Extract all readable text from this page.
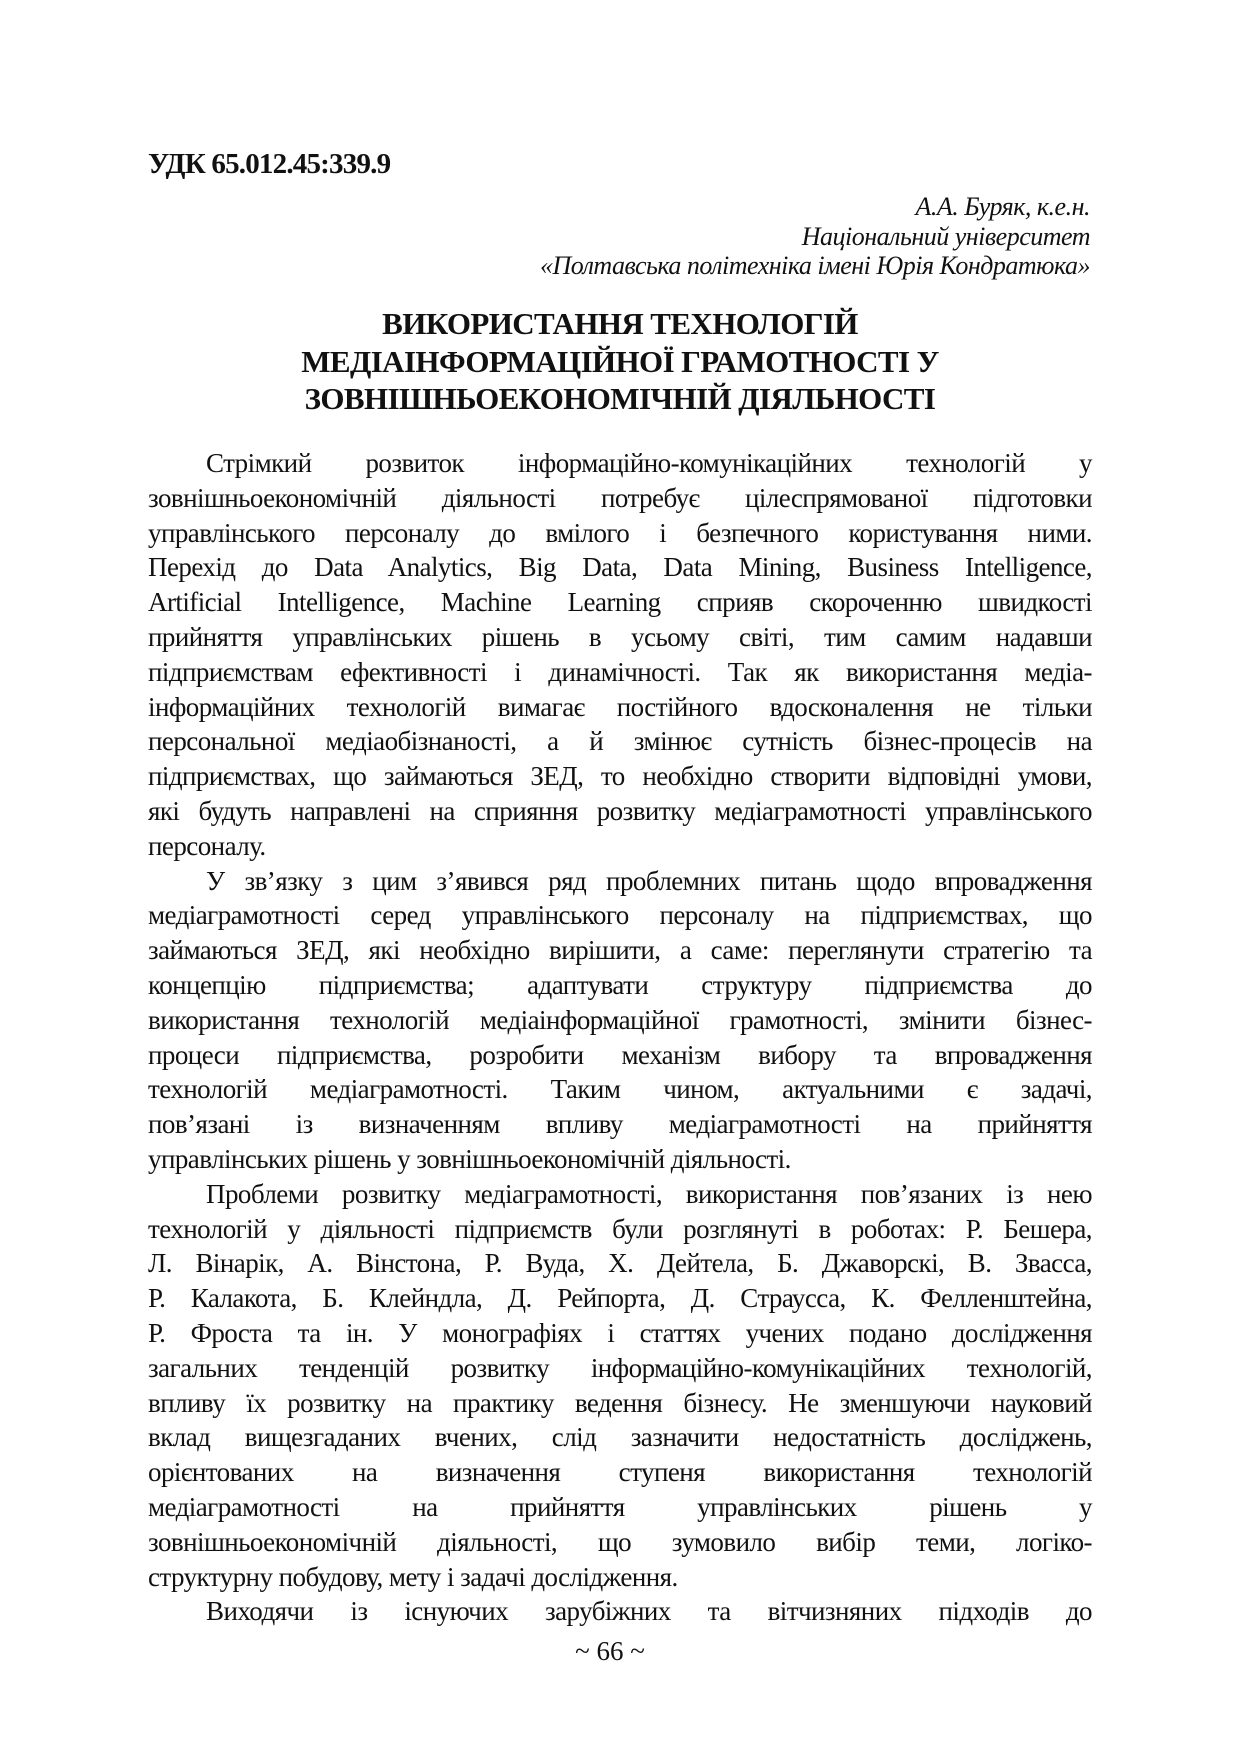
УДК 65.012.45:339.9
А.А. Буряк, к.е.н.
Національний університет
«Полтавська політехніка імені Юрія Кондратюка»
ВИКОРИСТАННЯ ТЕХНОЛОГІЙ
МЕДІАІНФОРМАЦІЙНОЇ ГРАМОТНОСТІ У
ЗОВНІШНЬОЕКОНОМІЧНІЙ ДІЯЛЬНОСТІ
Стрімкий розвиток інформаційно-комунікаційних технологій у
зовнішньоекономічній діяльності потребує цілеспрямованої підготовки
управлінського персоналу до вмілого і безпечного користування ними.
Перехід до Data Analytics, Big Data, Data Mining, Business Intelligence,
Artificial Intelligence, Machine Learning сприяв скороченню швидкості
прийняття управлінських рішень в усьому світі, тим самим надавши
підприємствам ефективності і динамічності. Так як використання медіа-
інформаційних технологій вимагає постійного вдосконалення не тільки
персональної медіаобізнаності, а й змінює сутність бізнес-процесів на
підприємствах, що займаються ЗЕД, то необхідно створити відповідні умови,
які будуть направлені на сприяння розвитку медіаграмотності управлінського
персоналу.
У зв’язку з цим з’явився ряд проблемних питань щодо впровадження
медіаграмотності серед управлінського персоналу на підприємствах, що
займаються ЗЕД, які необхідно вирішити, а саме: переглянути стратегію та
концепцію підприємства; адаптувати структуру підприємства до
використання технологій медіаінформаційної грамотності, змінити бізнес-
процеси підприємства, розробити механізм вибору та впровадження
технологій медіаграмотності. Таким чином, актуальними є задачі,
пов’язані із визначенням впливу медіаграмотності на прийняття
управлінських рішень у зовнішньоекономічній діяльності.
Проблеми розвитку медіаграмотності, використання пов’язаних із нею
технологій у діяльності підприємств були розглянуті в роботах: Р. Бешера,
Л. Вінарік, А. Вінстона, Р. Вуда, Х. Дейтела, Б. Джаворскі, В. Звасса,
Р. Калакота, Б. Клейндла, Д. Рейпорта, Д. Страусса, К. Фелленштейна,
Р. Фроста та ін. У монографіях і статтях учених подано дослідження
загальних тенденцій розвитку інформаційно-комунікаційних технологій,
впливу їх розвитку на практику ведення бізнесу. Не зменшуючи науковий
вклад вищезгаданих вчених, слід зазначити недостатність досліджень,
орієнтованих на визначення ступеня використання технологій
медіаграмотності на прийняття управлінських рішень у
зовнішньоекономічній діяльності, що зумовило вибір теми, логіко-
структурну побудову, мету і задачі дослідження.
Виходячи із існуючих зарубіжних та вітчизняних підходів до
~ 66 ~
